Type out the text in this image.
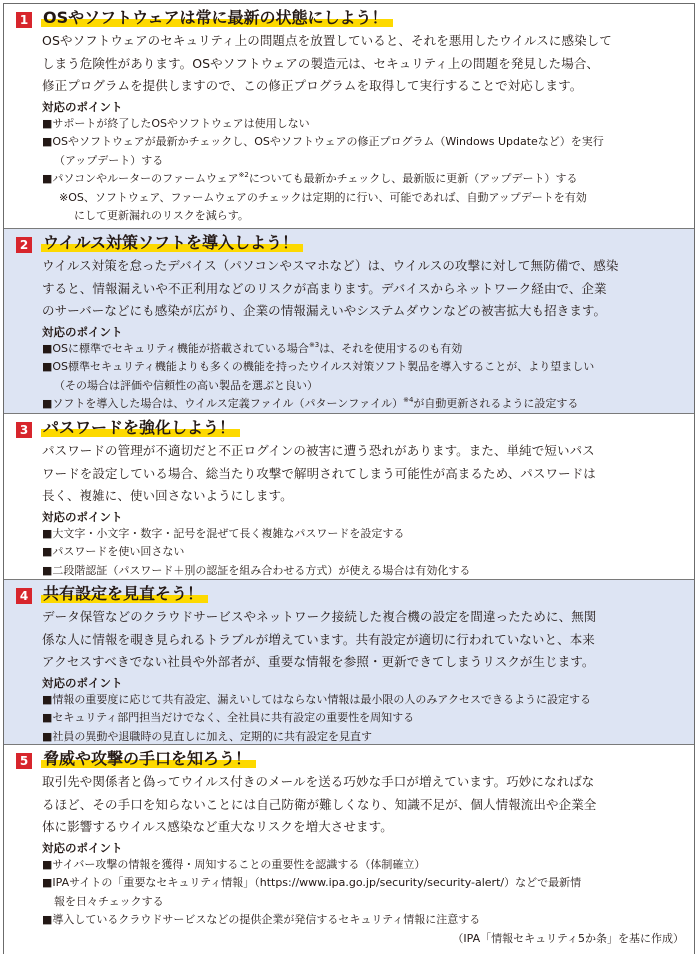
1 OSやソフトウェアは常に最新の状態にしよう！
OSやソフトウェアのセキュリティ上の問題点を放置していると、それを悪用したウイルスに感染して
しまう危険性があります。OSやソフトウェアの製造元は、セキュリティ上の問題を発見した場合、
修正プログラムを提供しますので、この修正プログラムを取得して実行することで対応します。
対応のポイント
■サポートが終了したOSやソフトウェアは使用しない
■OSやソフトウェアが最新かチェックし、OSやソフトウェアの修正プログラム（Windows Updateなど）を実行
（アップデート）する
■パソコンやルーターのファームウェア$^{※2}$についても最新かチェックし、最新版に更新（アップデート）する
※OS、ソフトウェア、ファームウェアのチェックは定期的に行い、可能であれば、自動アップデートを有効
にして更新漏れのリスクを減らす。
2 ウイルス対策ソフトを導入しよう！
ウイルス対策を怠ったデバイス（パソコンやスマホなど）は、ウイルスの攻撃に対して無防備で、感染
すると、情報漏えいや不正利用などのリスクが高まります。デバイスからネットワーク経由で、企業
のサーバーなどにも感染が広がり、企業の情報漏えいやシステムダウンなどの被害拡大も招きます。
対応のポイント
■OSに標準でセキュリティ機能が搭載されている場合$^{※3}$は、それを使用するのも有効
■OS標準セキュリティ機能よりも多くの機能を持ったウイルス対策ソフト製品を導入することが、より望ましい
（その場合は評価や信頼性の高い製品を選ぶと良い）
■ソフトを導入した場合は、ウイルス定義ファイル（パターンファイル）$^{※4}$が自動更新されるように設定する
3 パスワードを強化しよう！
パスワードの管理が不適切だと不正ログインの被害に遭う恐れがあります。また、単純で短いパス
ワードを設定している場合、総当たり攻撃で解明されてしまう可能性が高まるため、パスワードは
長く、複雑に、使い回さないようにします。
対応のポイント
■大文字・小文字・数字・記号を混ぜて長く複雑なパスワードを設定する
■パスワードを使い回さない
■二段階認証（パスワード＋別の認証を組み合わせる方式）が使える場合は有効化する
4 共有設定を見直そう！
データ保管などのクラウドサービスやネットワーク接続した複合機の設定を間違ったために、無関
係な人に情報を覗き見られるトラブルが増えています。共有設定が適切に行われていないと、本来
アクセスすべきでない社員や外部者が、重要な情報を参照・更新できてしまうリスクが生じます。
対応のポイント
■情報の重要度に応じて共有設定、漏えいしてはならない情報は最小限の人のみアクセスできるように設定する
■セキュリティ部門担当だけでなく、全社員に共有設定の重要性を周知する
■社員の異動や退職時の見直しに加え、定期的に共有設定を見直す
5 脅威や攻撃の手口を知ろう！
取引先や関係者と偽ってウイルス付きのメールを送る巧妙な手口が増えています。巧妙になればな
るほど、その手口を知らないことには自己防衛が難しくなり、知識不足が、個人情報流出や企業全
体に影響するウイルス感染など重大なリスクを増大させます。
対応のポイント
■サイバー攻撃の情報を獲得・周知することの重要性を認識する（体制確立）
■IPAサイトの「重要なセキュリティ情報」（https://www.ipa.go.jp/security/security-alert/）などで最新情
報を日々チェックする
■導入しているクラウドサービスなどの提供企業が発信するセキュリティ情報に注意する
（IPA「情報セキュリティ5か条」を基に作成）
